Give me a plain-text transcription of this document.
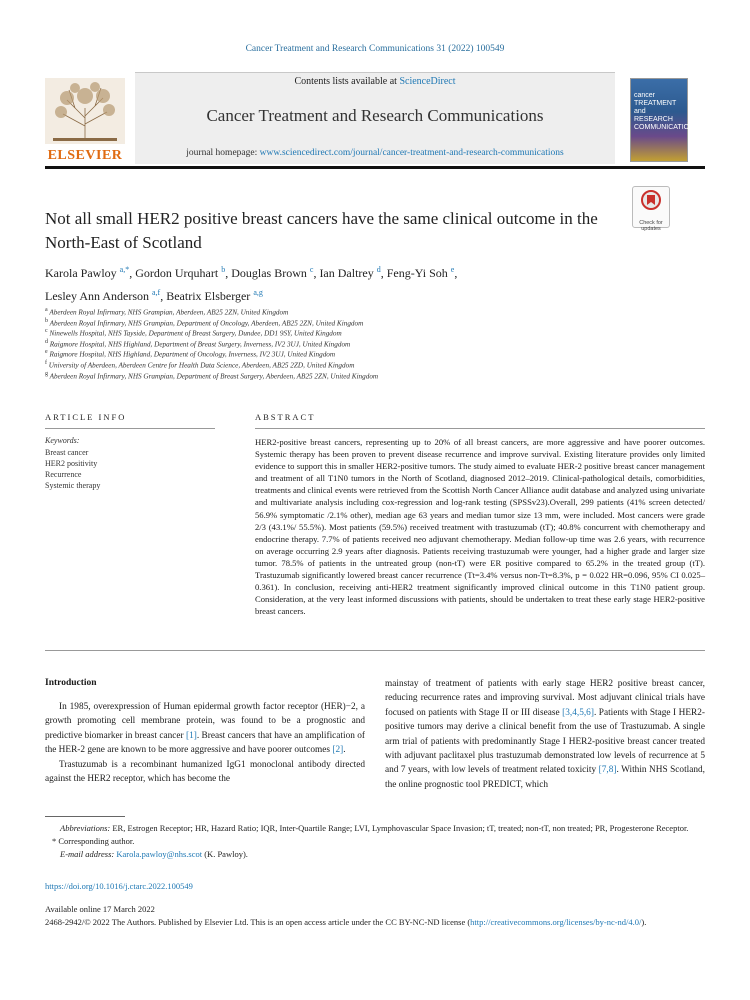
Cancer Treatment and Research Communications 31 (2022) 100549
ELSEVIER
Contents lists available at ScienceDirect
Cancer Treatment and Research Communications
journal homepage: www.sciencedirect.com/journal/cancer-treatment-and-research-communications
cancer TREATMENT and RESEARCH COMMUNICATIONS
Not all small HER2 positive breast cancers have the same clinical outcome in the North-East of Scotland
Check for updates
Karola Pawloy $^{a,*}$, Gordon Urquhart $^b$, Douglas Brown $^c$, Ian Daltrey $^d$, Feng-Yi Soh $^e$,
Lesley Ann Anderson $^{a,f}$, Beatrix Elsberger $^{a,g}$
$^a$ Aberdeen Royal Infirmary, NHS Grampian, Aberdeen, AB25 2ZN, United Kingdom
$^b$ Aberdeen Royal Infirmary, NHS Grampian, Department of Oncology, Aberdeen, AB25 2ZN, United Kingdom
$^c$ Ninewells Hospital, NHS Tayside, Department of Breast Surgery, Dundee, DD1 9SY, United Kingdom
$^d$ Raigmore Hospital, NHS Highland, Department of Breast Surgery, Inverness, IV2 3UJ, United Kingdom
$^e$ Raigmore Hospital, NHS Highland, Department of Oncology, Inverness, IV2 3UJ, United Kingdom
$^f$ University of Aberdeen, Aberdeen Centre for Health Data Science, Aberdeen, AB25 2ZD, United Kingdom
$^g$ Aberdeen Royal Infirmary, NHS Grampian, Department of Breast Surgery, Aberdeen, AB25 2ZN, United Kingdom
ARTICLE INFO
Keywords:
Breast cancer
HER2 positivity
Recurrence
Systemic therapy
ABSTRACT
HER2-positive breast cancers, representing up to 20% of all breast cancers, are more aggressive and have poorer outcomes. Systemic therapy has been proven to prevent disease recurrence and improve survival. Existing literature provides only limited evidence to support this in smaller HER2-positive tumors. The study aimed to evaluate HER-2 positive breast cancer management and treatment of all T1N0 tumors in the North of Scotland, diagnosed 2012–2019. Clinical-pathological details, comorbidities, treatments and clinical events were retrieved from the Scottish North Cancer Alliance audit database and analyzed using univariate and multivariate analysis including cox-regression and log-rank testing (SPSSv23).Overall, 299 patients (41% screen detected/ 56.9% symptomatic /2.1% other), median age 63 years and median tumor size 13 mm, were included. Most cancers were grade 2/3 (43.1%/ 55.5%). Most patients (59.5%) received treatment with trastuzumab (tT); 40.8% concurrent with chemotherapy and endocrine therapy. 7.7% of patients received neo adjuvant chemotherapy. Median follow-up time was 2.6 years, with recurrence on average occurring 2.9 years after diagnosis. Patients receiving trastuzumab were younger, had a higher grade and larger size tumor. 78.5% of patients in the untreated group (non-tT) were ER positive compared to 65.2% in the treated group (tT). Trastuzumab significantly lowered breast cancer recurrence (Tt=3.4% versus non-Tt=8.3%, p = 0.022 HR=0.096, 95% CI 0.025–0.361). In conclusion, receiving anti-HER2 treatment significantly improved clinical outcome in this T1N0 patient group. Consideration, at the very least informed discussions with patients, should be undertaken to treat these early stage HER2-positive breast cancers.
Introduction

In 1985, overexpression of Human epidermal growth factor receptor (HER)−2, a growth promoting cell membrane protein, was found to be a prognostic and predictive biomarker in breast cancer [1]. Breast cancers that have an amplification of the HER-2 gene are known to be more aggressive and have poorer outcomes [2].

Trastuzumab is a recombinant humanized IgG1 monoclonal antibody directed against the HER2 receptor, which has become the

mainstay of treatment of patients with early stage HER2 positive breast cancer, reducing recurrence rates and improving survival. Most adjuvant clinical trials have focused on patients with Stage II or III disease [3,4,5,6]. Patients with Stage I HER2-positive tumors may derive a clinical benefit from the use of Trastuzumab. A single arm trial of patients with predominantly Stage I HER2-positive breast cancer treated with adjuvant paclitaxel plus trastuzumab demonstrated low levels of recurrence at 5 and 7 years, with low levels of treatment related toxicity [7,8]. Within NHS Scotland, the online prognostic tool PREDICT, which

Abbreviations: ER, Estrogen Receptor; HR, Hazard Ratio; IQR, Inter-Quartile Range; LVI, Lymphovascular Space Invasion; tT, treated; non-tT, non treated; PR, Progesterone Receptor.
* Corresponding author.
E-mail address: Karola.pawloy@nhs.scot (K. Pawloy).
https://doi.org/10.1016/j.ctarc.2022.100549
Available online 17 March 2022
2468-2942/© 2022 The Authors. Published by Elsevier Ltd. This is an open access article under the CC BY-NC-ND license (http://creativecommons.org/licenses/by-nc-nd/4.0/).
